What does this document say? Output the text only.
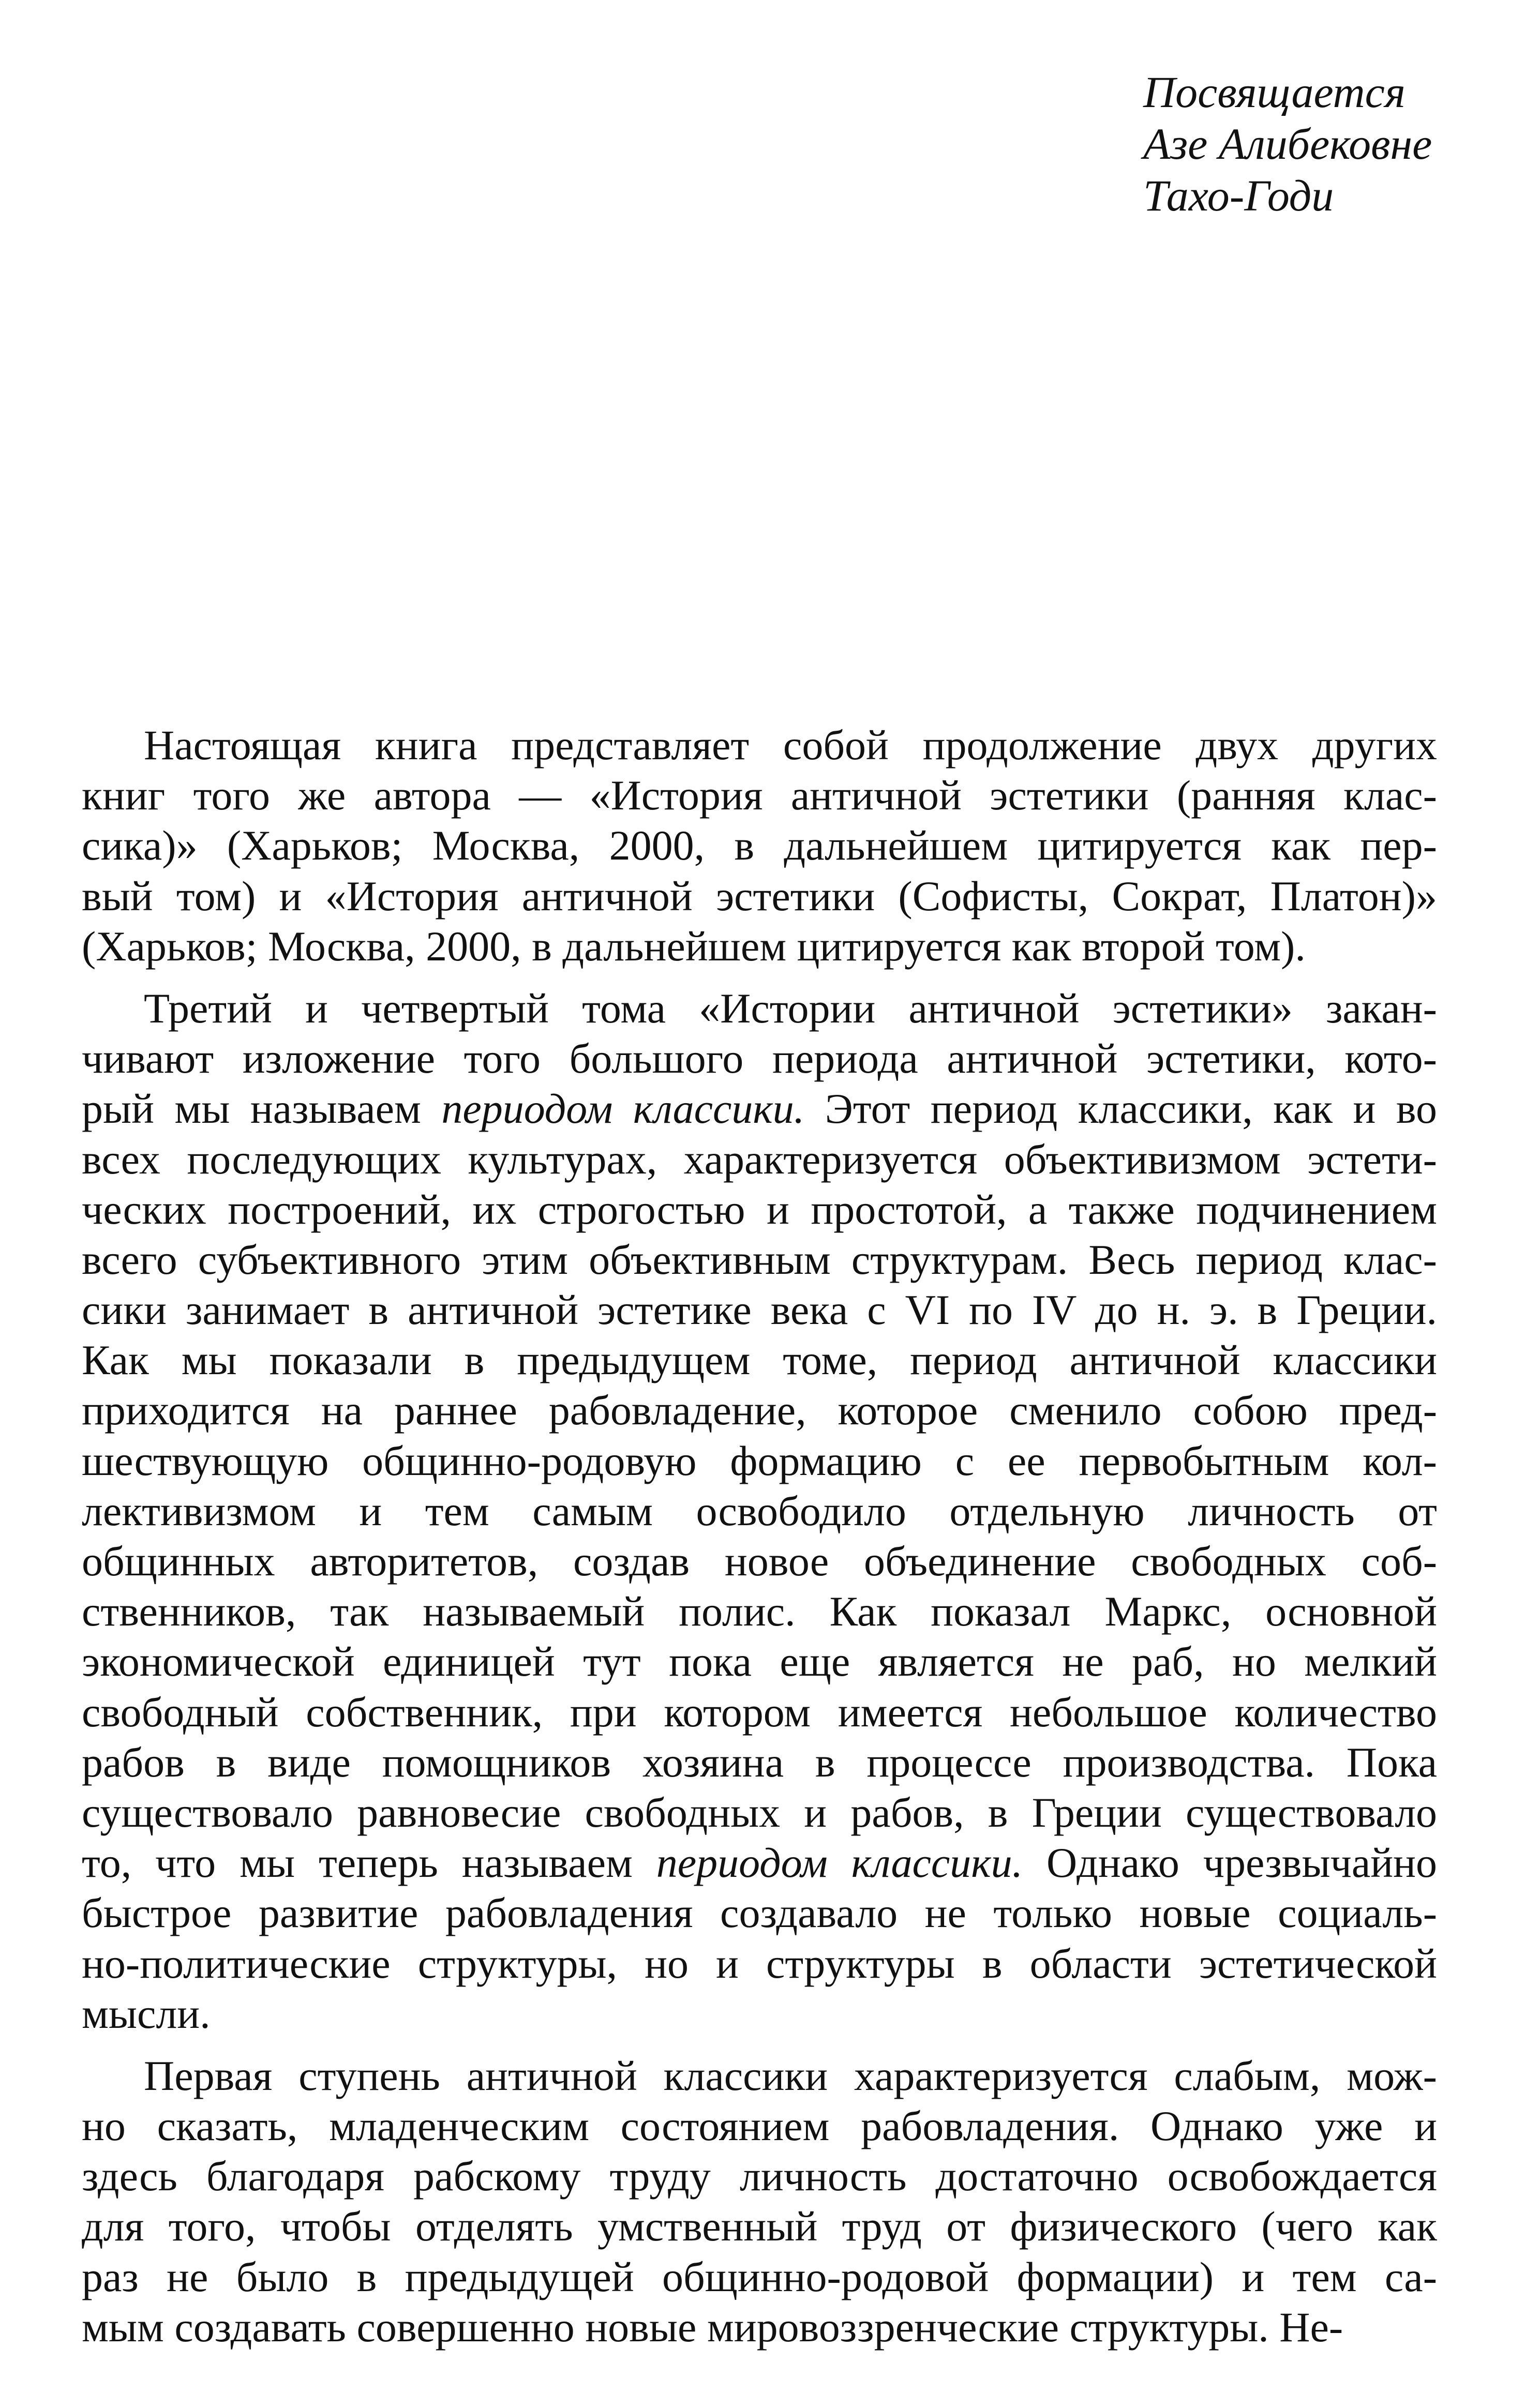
Посвящается
Азе Алибековне
Тахо-Годи
Настоящая книга представляет собой продолжение двух других
книг того же автора — «История античной эстетики (ранняя клас-
сика)» (Харьков; Москва, 2000, в дальнейшем цитируется как пер-
вый том) и «История античной эстетики (Софисты, Сократ, Платон)»
(Харьков; Москва, 2000, в дальнейшем цитируется как второй том).
Третий и четвертый тома «Истории античной эстетики» закан-
чивают изложение того большого периода античной эстетики, кото-
рый мы называем периодом классики. Этот период классики, как и во
всех последующих культурах, характеризуется объективизмом эстети-
ческих построений, их строгостью и простотой, а также подчинением
всего субъективного этим объективным структурам. Весь период клас-
сики занимает в античной эстетике века с VI по IV до н. э. в Греции.
Как мы показали в предыдущем томе, период античной классики
приходится на раннее рабовладение, которое сменило собою пред-
шествующую общинно-родовую формацию с ее первобытным кол-
лективизмом и тем самым освободило отдельную личность от
общинных авторитетов, создав новое объединение свободных соб-
ственников, так называемый полис. Как показал Маркс, основной
экономической единицей тут пока еще является не раб, но мелкий
свободный собственник, при котором имеется небольшое количество
рабов в виде помощников хозяина в процессе производства. Пока
существовало равновесие свободных и рабов, в Греции существовало
то, что мы теперь называем периодом классики. Однако чрезвычайно
быстрое развитие рабовладения создавало не только новые социаль-
но-политические структуры, но и структуры в области эстетической
мысли.
Первая ступень античной классики характеризуется слабым, мож-
но сказать, младенческим состоянием рабовладения. Однако уже и
здесь благодаря рабскому труду личность достаточно освобождается
для того, чтобы отделять умственный труд от физического (чего как
раз не было в предыдущей общинно-родовой формации) и тем са-
мым создавать совершенно новые мировоззренческие структуры. Не-
